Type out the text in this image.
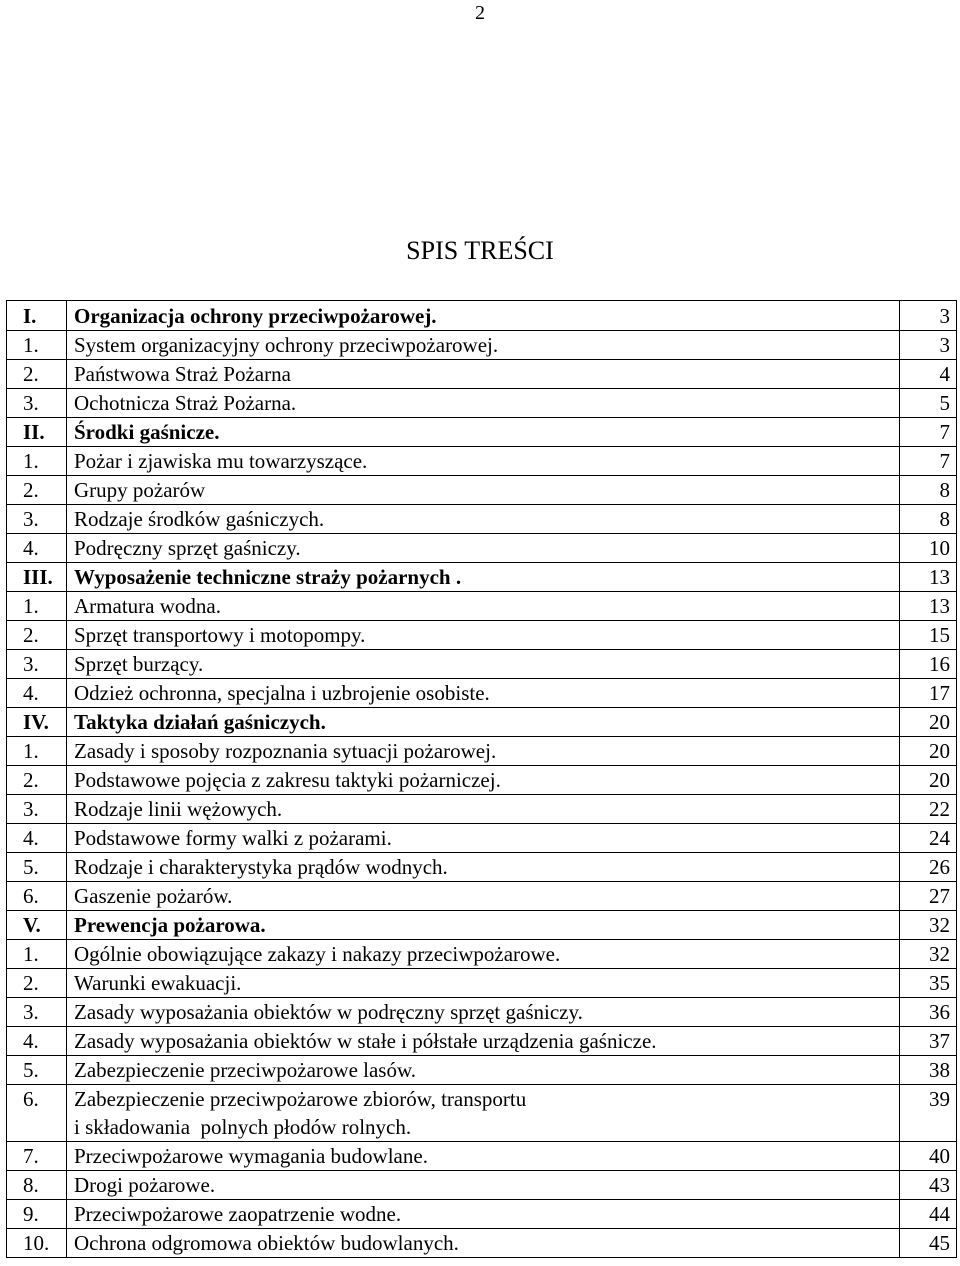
2
SPIS TREŚCI
I.	Organizacja ochrony przeciwpożarowej.	3
1.	System organizacyjny ochrony przeciwpożarowej.	3
2.	Państwowa Straż Pożarna	4
3.	Ochotnicza Straż Pożarna.	5
II.	Środki gaśnicze.	7
1.	Pożar i zjawiska mu towarzyszące.	7
2.	Grupy pożarów	8
3.	Rodzaje środków gaśniczych.	8
4.	Podręczny sprzęt gaśniczy.	10
III.	Wyposażenie techniczne straży pożarnych .	13
1.	Armatura wodna.	13
2.	Sprzęt transportowy i motopompy.	15
3.	Sprzęt burzący.	16
4.	Odzież ochronna, specjalna i uzbrojenie osobiste.	17
IV.	Taktyka działań gaśniczych.	20
1.	Zasady i sposoby rozpoznania sytuacji pożarowej.	20
2.	Podstawowe pojęcia z zakresu taktyki pożarniczej.	20
3.	Rodzaje linii wężowych.	22
4.	Podstawowe formy walki z pożarami.	24
5.	Rodzaje i charakterystyka prądów wodnych.	26
6.	Gaszenie pożarów.	27
V.	Prewencja pożarowa.	32
1.	Ogólnie obowiązujące zakazy i nakazy przeciwpożarowe.	32
2.	Warunki ewakuacji.	35
3.	Zasady wyposażania obiektów w podręczny sprzęt gaśniczy.	36
4.	Zasady wyposażania obiektów w stałe i półstałe urządzenia gaśnicze.	37
5.	Zabezpieczenie przeciwpożarowe lasów.	38
6.	Zabezpieczenie przeciwpożarowe zbiorów, transportu
i składowania  polnych płodów rolnych.	39
7.	Przeciwpożarowe wymagania budowlane.	40
8.	Drogi pożarowe.	43
9.	Przeciwpożarowe zaopatrzenie wodne.	44
10.	Ochrona odgromowa obiektów budowlanych.	45
